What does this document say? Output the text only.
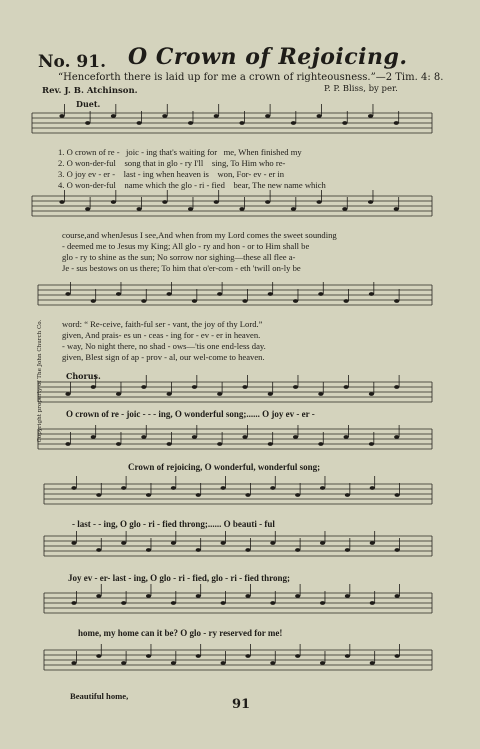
No. 91. O Crown of Rejoicing.
“Henceforth there is laid up for me a crown of righteousness.”—2 Tim. 4: 8.
Rev. J. B. Atchinson.	P. P. Bliss, by per.
Duet.
1. O crown of re - joic - ing that's waiting for me, When finished my
2. O won-der-ful song that in glo - ry I'll sing, To Him who re-
3. O joy ev - er - last - ing when heaven is won, For- ev - er in
4. O won-der-ful name which the glo - ri - fied bear, The new name which
course,and whenJesus I see,And when from my Lord comes the sweet sounding
- deemed me to Jesus my King; All glo - ry and hon - or to Him shall be
glo - ry to shine as the sun; No sorrow nor sighing—these all flee a-
Je - sus bestows on us there; To him that o'er-com - eth 'twill on-ly be
word: “ Re-ceive, faith-ful ser - vant, the joy of thy Lord.”
given, And prais- es un - ceas - ing for - ev - er in heaven.
- way, No night there, no shad - ows—'tis one end-less day.
given, Blest sign of ap - prov - al, our wel-come to heaven.
Chorus.
O crown of re - joic - - - ing, O wonderful song;...... O joy ev - er -
Crown of rejoicing, O wonderful, wonderful song;
- last - - ing, O glo - ri - fied throng;...... O beauti - ful
Joy ev - er- last - ing, O glo - ri - fied, glo - ri - fied throng;
home, my home can it be? O glo - ry reserved for me!
Beautiful home,
Copyright property of The John Church Co.
91
